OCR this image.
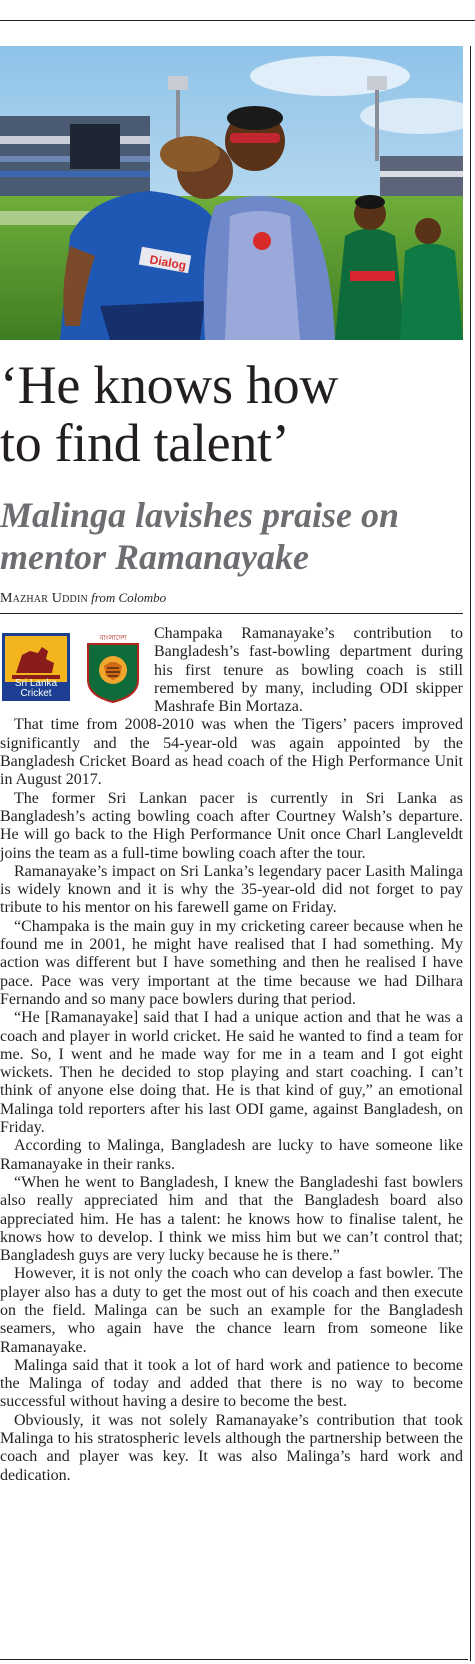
Dialog
‘He knows how
to find talent’
Malinga lavishes praise on
mentor Ramanayake
Mazhar Uddin from Colombo
Sri Lanka Cricket
বাংলাদেশ	Champaka Ramanayake’s contribution to Bangladesh’s fast-bowling department during his first tenure as bowling coach is still remembered by many, including ODI skipper Mashrafe Bin Mortaza.

That time from 2008-2010 was when the Tigers’ pacers improved significantly and the 54-year-old was again appointed by the Bangladesh Cricket Board as head coach of the High Performance Unit in August 2017.

The former Sri Lankan pacer is currently in Sri Lanka as Bangladesh’s acting bowling coach after Courtney Walsh’s departure. He will go back to the High Performance Unit once Charl Langleveldt joins the team as a full-time bowling coach after the tour.

Ramanayake’s impact on Sri Lanka’s legendary pacer Lasith Malinga is widely known and it is why the 35-year-old did not forget to pay tribute to his mentor on his farewell game on Friday.

“Champaka is the main guy in my cricketing career because when he found me in 2001, he might have realised that I had something. My action was different but I have something and then he realised I have pace. Pace was very important at the time because we had Dilhara Fernando and so many pace bowlers during that period.

“He [Ramanayake] said that I had a unique action and that he was a coach and player in world cricket. He said he wanted to find a team for me. So, I went and he made way for me in a team and I got eight wickets. Then he decided to stop playing and start coaching. I can’t think of anyone else doing that. He is that kind of guy,” an emotional Malinga told reporters after his last ODI game, against Bangladesh, on Friday.

According to Malinga, Bangladesh are lucky to have someone like Ramanayake in their ranks.

“When he went to Bangladesh, I knew the Bangladeshi fast bowlers also really appreciated him and that the Bangladesh board also appreciated him. He has a talent: he knows how to finalise talent, he knows how to develop. I think we miss him but we can’t control that; Bangladesh guys are very lucky because he is there.”

However, it is not only the coach who can develop a fast bowler. The player also has a duty to get the most out of his coach and then execute on the field. Malinga can be such an example for the Bangladesh seamers, who again have the chance learn from someone like Ramanayake.

Malinga said that it took a lot of hard work and patience to become the Malinga of today and added that there is no way to become successful without having a desire to become the best.

Obviously, it was not solely Ramanayake’s contribution that took Malinga to his stratospheric levels although the partnership between the coach and player was key. It was also Malinga’s hard work and dedication.
